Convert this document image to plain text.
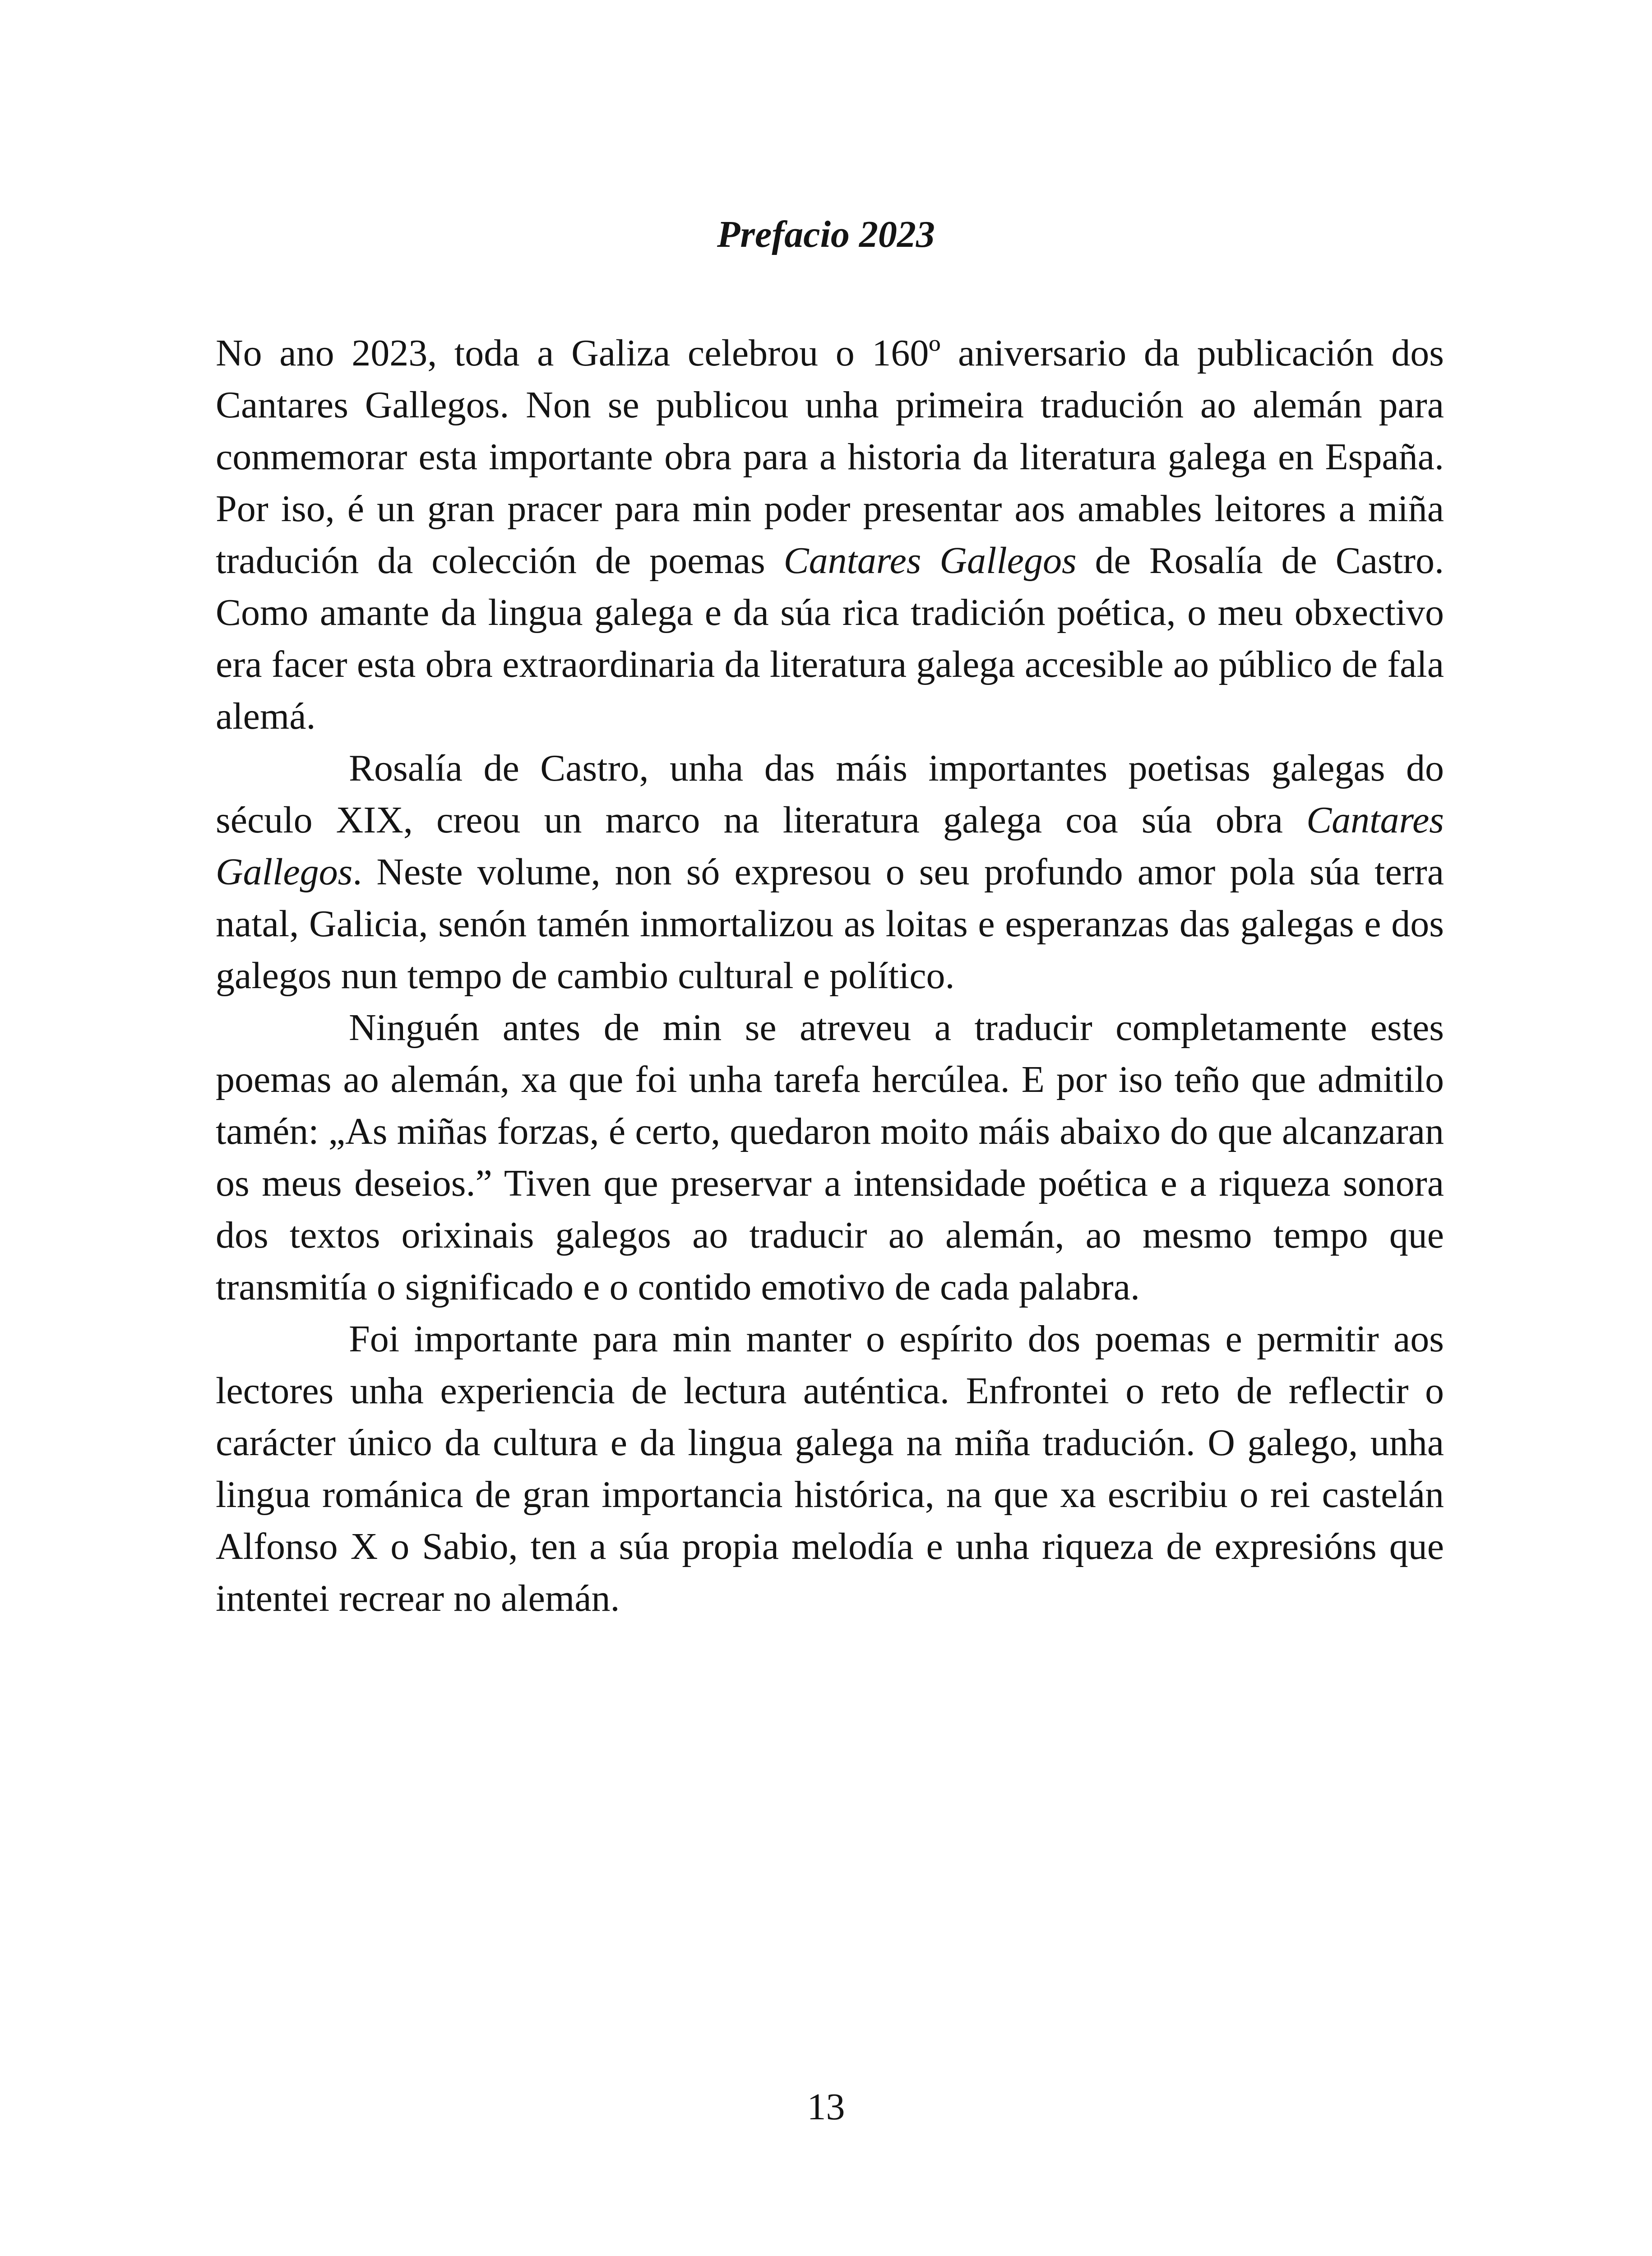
Prefacio 2023

No ano 2023, toda a Galiza celebrou o 160º aniversario da publicación dos Cantares Gallegos. Non se publicou unha primeira tradución ao alemán para conmemorar esta importante obra para a historia da literatura galega en España. Por iso, é un gran pracer para min poder presentar aos amables leitores a miña tradución da colección de poemas Cantares Gallegos de Rosalía de Castro. Como amante da lingua galega e da súa rica tradición poética, o meu obxectivo era facer esta obra extraordinaria da literatura galega accesible ao público de fala alemá.

Rosalía de Castro, unha das máis importantes poetisas galegas do século XIX, creou un marco na literatura galega coa súa obra Cantares Gallegos. Neste volume, non só expresou o seu profundo amor pola súa terra natal, Galicia, senón tamén inmortalizou as loitas e esperanzas das galegas e dos galegos nun tempo de cambio cultural e político.

Ninguén antes de min se atreveu a traducir completamente estes poemas ao alemán, xa que foi unha tarefa hercúlea. E por iso teño que admitilo tamén: „As miñas forzas, é certo, quedaron moito máis abaixo do que alcanzaran os meus deseios.” Tiven que preservar a intensidade poética e a riqueza sonora dos textos orixinais galegos ao traducir ao alemán, ao mesmo tempo que transmitía o significado e o contido emotivo de cada palabra.

Foi importante para min manter o espírito dos poemas e permitir aos lectores unha experiencia de lectura auténtica. Enfrontei o reto de reflectir o carácter único da cultura e da lingua galega na miña tradución. O galego, unha lingua románica de gran importancia histórica, na que xa escribiu o rei castelán Alfonso X o Sabio, ten a súa propia melodía e unha riqueza de expresións que intentei recrear no alemán.

13
